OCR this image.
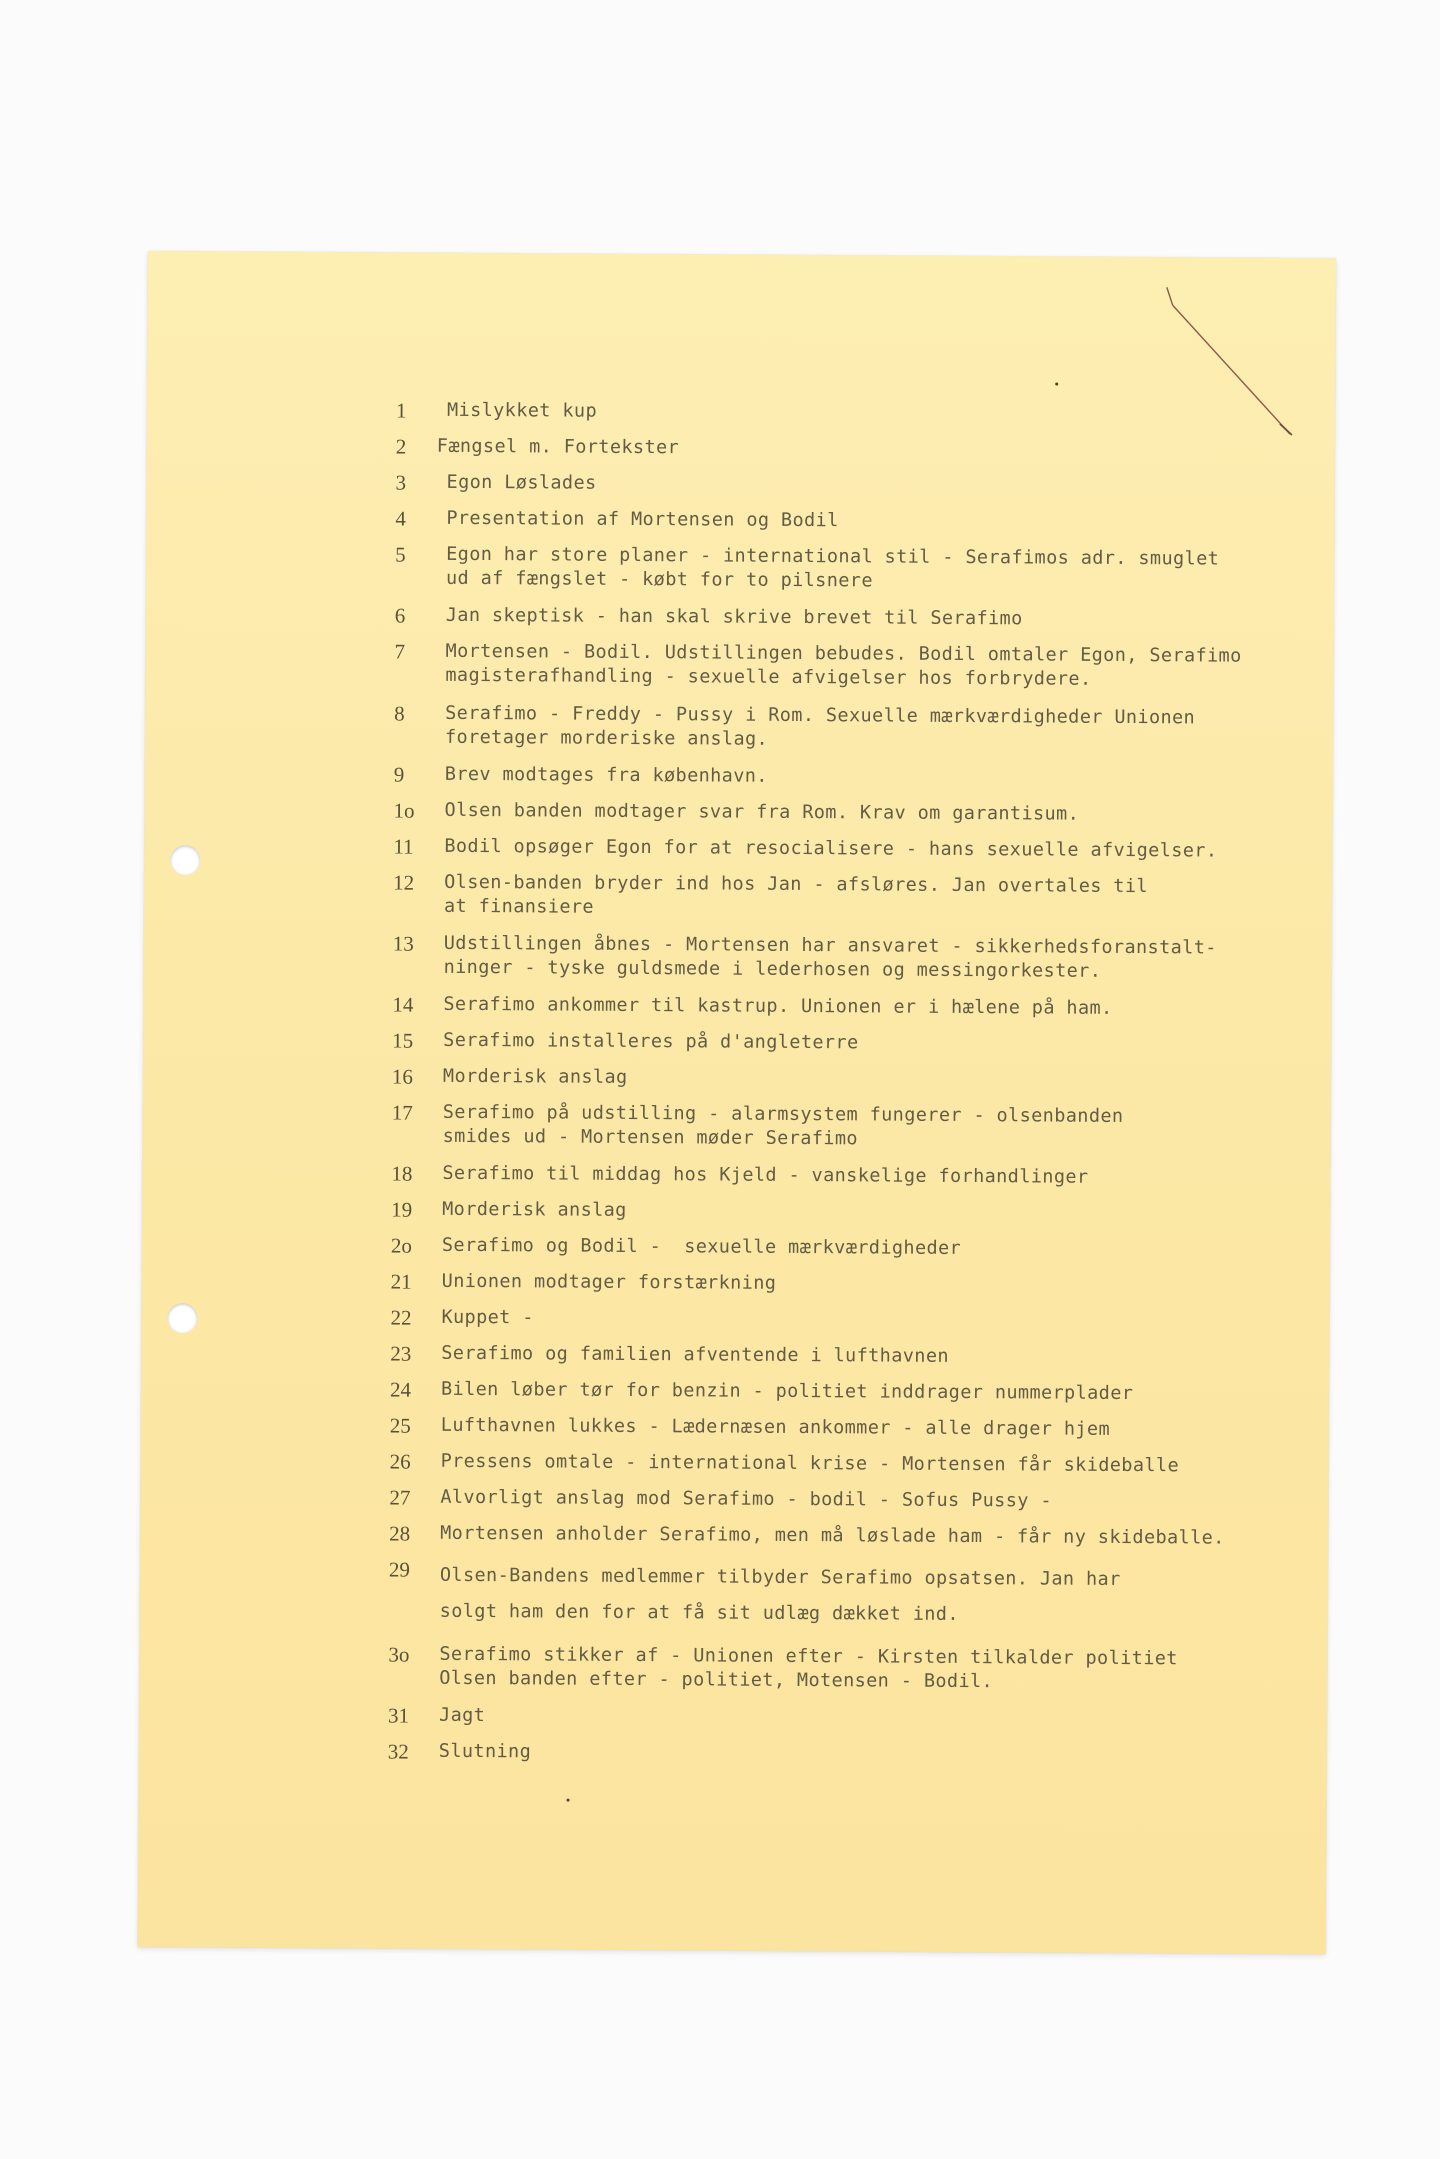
1	Mislykket kup
2	Fængsel m. Fortekster
3	Egon Løslades
4	Presentation af Mortensen og Bodil
5	Egon har store planer - international stil - Serafimos adr. smuglet
ud af fængslet - købt for to pilsnere
6	Jan skeptisk - han skal skrive brevet til Serafimo
7	Mortensen - Bodil. Udstillingen bebudes. Bodil omtaler Egon, Serafimo
magisterafhandling - sexuelle afvigelser hos forbrydere.
8	Serafimo - Freddy - Pussy i Rom. Sexuelle mærkværdigheder Unionen
foretager morderiske anslag.
9	Brev modtages fra københavn.
1o	Olsen banden modtager svar fra Rom. Krav om garantisum.
11	Bodil opsøger Egon for at resocialisere - hans sexuelle afvigelser.
12	Olsen-banden bryder ind hos Jan - afsløres. Jan overtales til
at finansiere
13	Udstillingen åbnes - Mortensen har ansvaret - sikkerhedsforanstalt-
ninger - tyske guldsmede i lederhosen og messingorkester.
14	Serafimo ankommer til kastrup. Unionen er i hælene på ham.
15	Serafimo installeres på d'angleterre
16	Morderisk anslag
17	Serafimo på udstilling - alarmsystem fungerer - olsenbanden
smides ud - Mortensen møder Serafimo
18	Serafimo til middag hos Kjeld - vanskelige forhandlinger
19	Morderisk anslag
2o	Serafimo og Bodil -  sexuelle mærkværdigheder
21	Unionen modtager forstærkning
22	Kuppet -
23	Serafimo og familien afventende i lufthavnen
24	Bilen løber tør for benzin - politiet inddrager nummerplader
25	Lufthavnen lukkes - Lædernæsen ankommer - alle drager hjem
26	Pressens omtale - international krise - Mortensen får skideballe
27	Alvorligt anslag mod Serafimo - bodil - Sofus Pussy -
28	Mortensen anholder Serafimo, men må løslade ham - får ny skideballe.
29	Olsen-Bandens medlemmer tilbyder Serafimo opsatsen. Jan har
solgt ham den for at få sit udlæg dækket ind.
3o	Serafimo stikker af - Unionen efter - Kirsten tilkalder politiet
Olsen banden efter - politiet, Motensen - Bodil.
31	Jagt
32	Slutning
